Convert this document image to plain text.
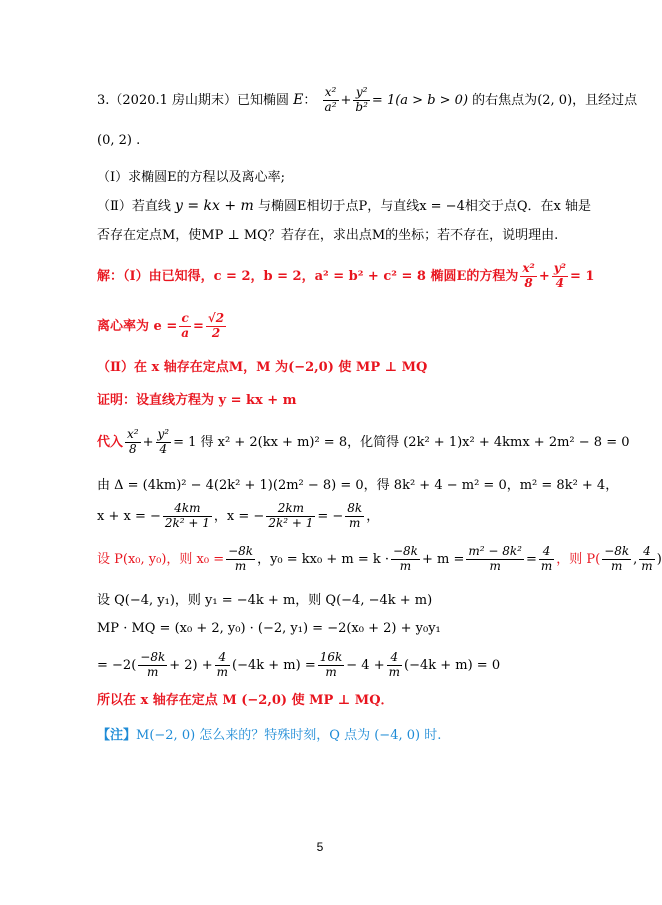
3.（2020.1 房山期末）已知椭圆 E： $\frac{\text{x²}}{\text{a²}} + \frac{\text{y²}}{\text{b²}} = 1(a > b > 0)$ 的右焦点为(2, 0)，且经过点
(0, 2) .
（Ⅰ）求椭圆E的方程以及离心率;
（Ⅱ）若直线 y = kx + m 与椭圆E相切于点P，与直线x = −4相交于点Q．在x 轴是
否存在定点M，使MP ⊥ MQ？若存在，求出点M的坐标；若不存在，说明理由.
解：（Ⅰ）由已知得，c = 2，b = 2，a² = b² + c² = 8 椭圆E的方程为 $\frac{\text{x²}}{8} + \frac{\text{y²}}{4} = 1$
离心率为 $e = \frac{c}{a} = \frac{√2}{2}$
（Ⅱ）在 x 轴存在定点M，M 为(−2,0) 使 MP ⊥ MQ
证明：设直线方程为 y = kx + m
代入 $\frac{\text{x²}}{8} + \frac{\text{y²}}{4} = 1$ 得 x² + 2(kx + m)² = 8，化简得 (2k² + 1)x² + 4kmx + 2m² − 8 = 0
由 Δ = (4km)² − 4(2k² + 1)(2m² − 8) = 0，得 8k² + 4 − m² = 0，m² = 8k² + 4，
x + x = − $\frac{4km}{\text{2k² + 1}}$ ，x = − $\frac{2km}{\text{2k² + 1}}$ = − $\frac{8k}{m}$ ，
设 P(x₀, y₀)，则 $x_0 = \frac{-8k}{m}$ ，$y_0 = kx_0 + m = k \cdot \frac{-8k}{m} + m = \frac{\text{m² − 8k²}}{m} = \frac{4}{m}$ ，则 $P( \frac{-8k}{m}$ , $\frac{4}{m}$ )
设 Q(−4, y₁)，则 y₁ = −4k + m，则 Q(−4, −4k + m)
MP · MQ = (x₀ + 2, y₀) · (−2, y₁) = −2(x₀ + 2) + y₀y₁
= $-2( \frac{-8k}{m} + 2) + \frac{4}{m} (-4k + m) = \frac{16k}{m} - 4 + \frac{4}{m} (-4k + m) = 0$
所以在 x 轴存在定点 M (−2,0) 使 MP ⊥ MQ．
【注】M(−2, 0) 怎么来的？特殊时刻，Q 点为 (−4, 0) 时.
5
